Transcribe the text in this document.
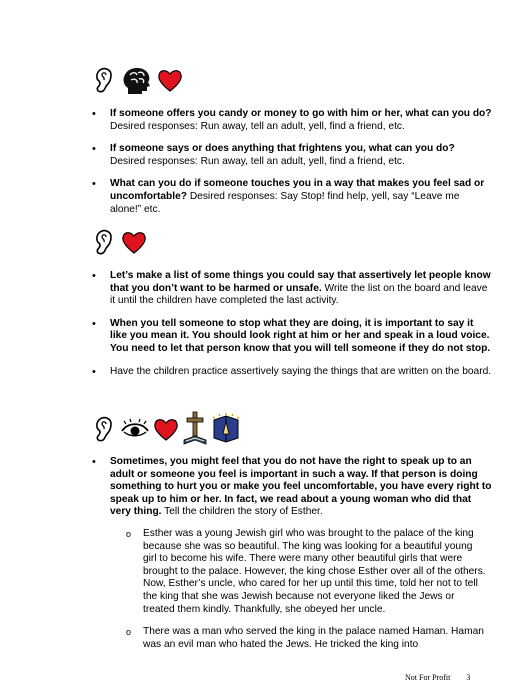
• If someone offers you candy or money to go with him or her, what can you do? Desired responses: Run away, tell an adult, yell, find a friend, etc.
• If someone says or does anything that frightens you, what can you do? Desired responses: Run away, tell an adult, yell, find a friend, etc.
• What can you do if someone touches you in a way that makes you feel sad or uncomfortable? Desired responses: Say Stop! find help, yell, say “Leave me alone!” etc.
• Let’s make a list of some things you could say that assertively let people know that you don’t want to be harmed or unsafe. Write the list on the board and leave it until the children have completed the last activity.
• When you tell someone to stop what they are doing, it is important to say it like you mean it. You should look right at him or her and speak in a loud voice. You need to let that person know that you will tell someone if they do not stop.
• Have the children practice assertively saying the things that are written on the board.
• Sometimes, you might feel that you do not have the right to speak up to an adult or someone you feel is important in such a way. If that person is doing something to hurt you or make you feel uncomfortable, you have every right to speak up to him or her. In fact, we read about a young woman who did that very thing. Tell the children the story of Esther.
o Esther was a young Jewish girl who was brought to the palace of the king because she was so beautiful. The king was looking for a beautiful young girl to become his wife. There were many other beautiful girls that were brought to the palace. However, the king chose Esther over all of the others. Now, Esther’s uncle, who cared for her up until this time, told her not to tell the king that she was Jewish because not everyone liked the Jews or treated them kindly. Thankfully, she obeyed her uncle.
o There was a man who served the king in the palace named Haman. Haman was an evil man who hated the Jews. He tricked the king into
Not For Profit 3
